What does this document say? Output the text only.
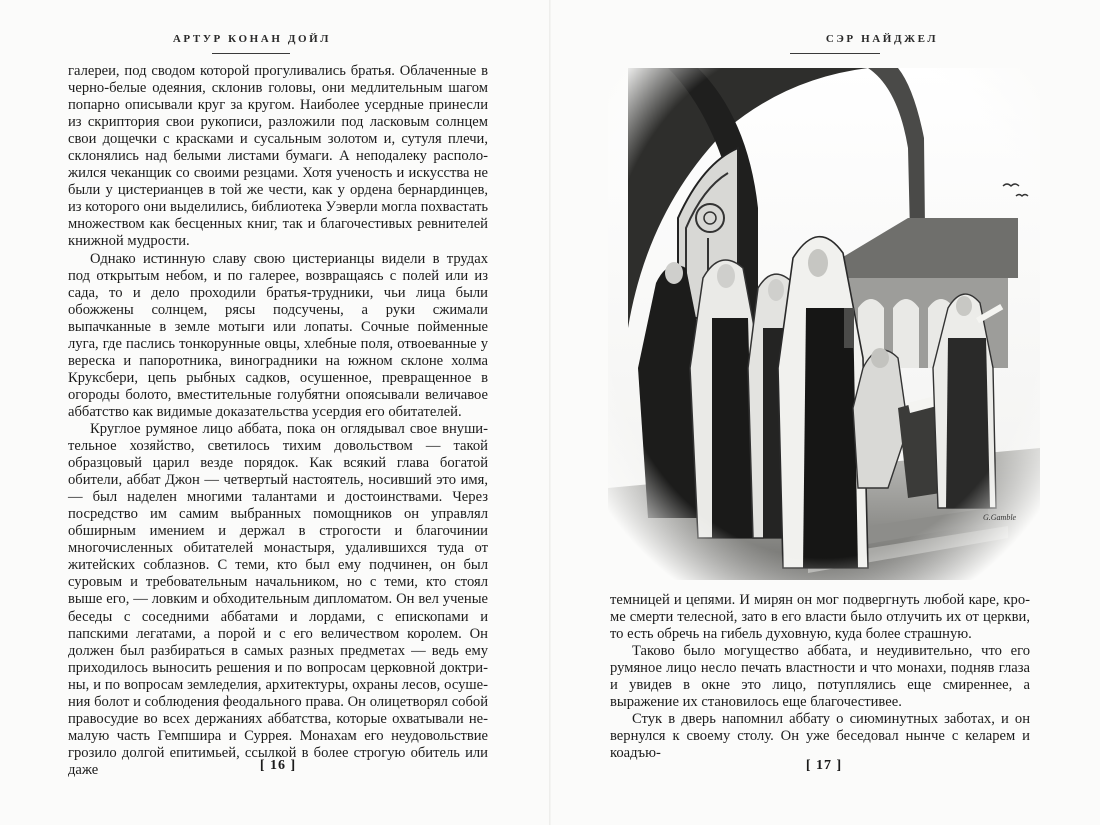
АРТУР КОНАН ДОЙЛ

галереи, под сводом которой прогуливались братья. Облаченные в черно-белые одеяния, склонив головы, они медлительным шагом попарно описывали круг за кругом. Наиболее усердные принесли из скриптория свои рукописи, разложили под ласковым солнцем свои дощечки с красками и сусальным золотом и, сутуля плечи, склонялись над белыми листами бумаги. А неподалеку расположился чеканщик со своими резцами. Хотя ученость и искусства не были у цистерианцев в той же чести, как у ордена бернардинцев, из которого они выделились, библиотека Уэверли могла похвастать множеством как бесценных книг, так и благочестивых ревнителей книжной мудрости.

Однако истинную славу свою цистерианцы видели в трудах под открытым небом, и по галерее, возвращаясь с полей или из сада, то и дело проходили братья-трудники, чьи лица были обожжены солнцем, рясы подсучены, а руки сжимали выпачканные в земле мотыги или лопаты. Сочные пойменные луга, где паслись тонкорунные овцы, хлебные поля, отвоеванные у вереска и папоротника, виноградники на южном склоне холма Круксбери, цепь рыбных садков, осушенное, превращенное в огороды болото, вместительные голубятни опоясывали величавое аббатство как видимые доказательства усердия его обитателей.

Круглое румяное лицо аббата, пока он оглядывал свое внушительное хозяйство, светилось тихим довольством — такой образцовый царил везде порядок. Как всякий глава богатой обители, аббат Джон — четвертый настоятель, носивший это имя, — был наделен многими талантами и достоинствами. Через посредство им самим выбранных помощников он управлял обширным имением и держал в строгости и благочинии многочисленных обитателей монастыря, удалившихся туда от житейских соблазнов. С теми, кто был ему подчинен, он был суровым и требовательным начальником, но с теми, кто стоял выше его, — ловким и обходительным дипломатом. Он вел ученые беседы с соседними аббатами и лордами, с епископами и папскими легатами, а порой и с его величеством королем. Он должен был разбираться в самых разных предметах — ведь ему приходилось выносить решения и по вопросам церковной доктрины, и по вопросам земледелия, архитектуры, охраны лесов, осушения болот и соблюдения феодального права. Он олицетворял собой правосудие во всех держаниях аббатства, которые охватывали немалую часть Гемпшира и Суррея. Монахам его неудовольствие грозило долгой епитимьей, ссылкой в более строгую обитель или даже	[ 16 ]
СЭР НАЙДЖЕЛ
G.Gamble

темницей и цепями. И мирян он мог подвергнуть любой каре, кроме смерти телесной, зато в его власти было отлучить их от церкви, то есть обречь на гибель духовную, куда более страшную.

Таково было могущество аббата, и неудивительно, что его румяное лицо несло печать властности и что монахи, подняв глаза и увидев в окне это лицо, потуплялись еще смиреннее, а выражение их становилось еще благочестивее.

Стук в дверь напомнил аббату о сиюминутных заботах, и он вернулся к своему столу. Он уже беседовал нынче с келарем и коадъю-

[ 17 ]
